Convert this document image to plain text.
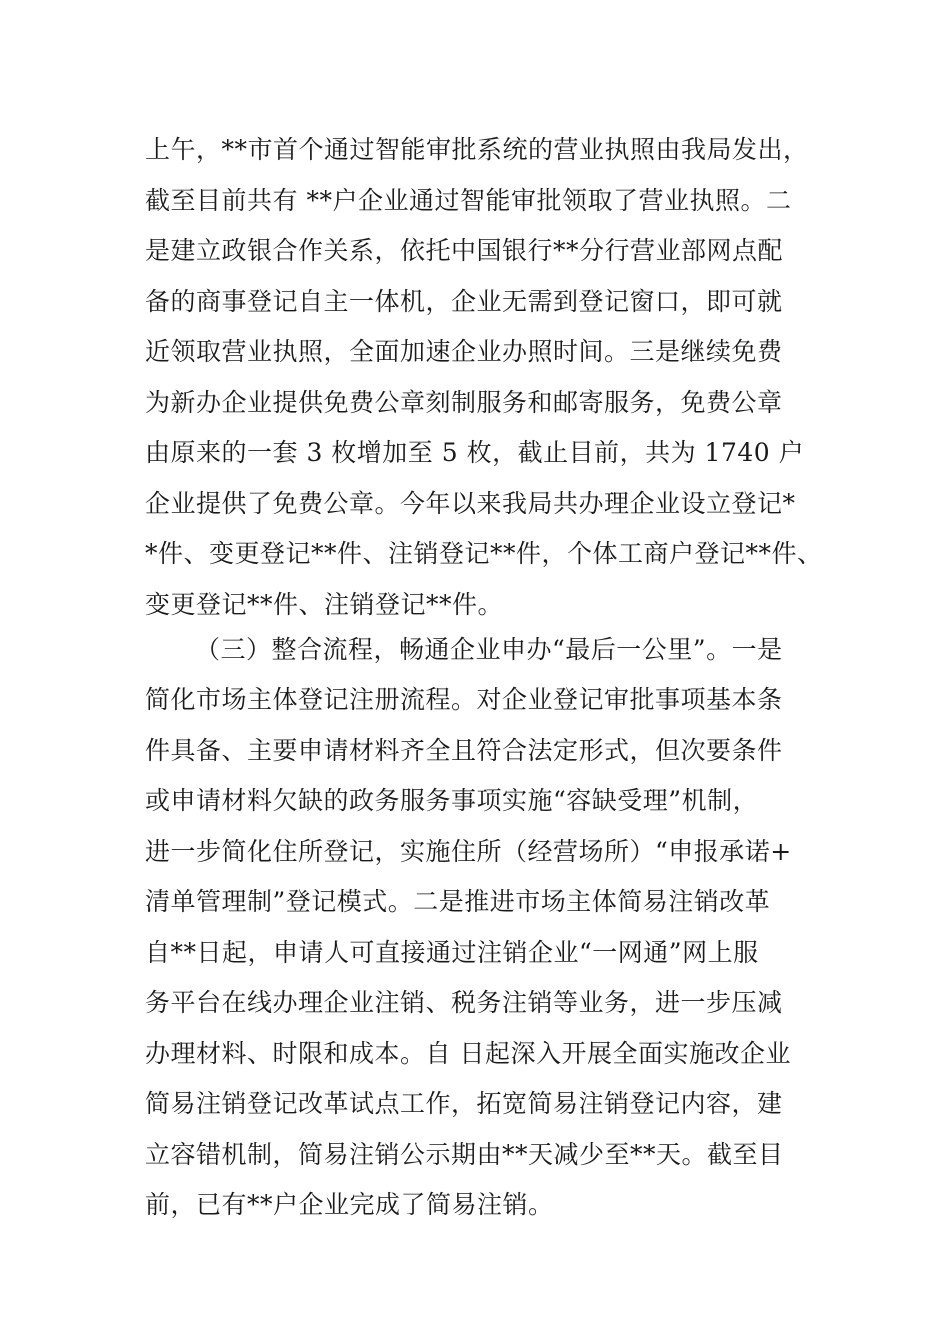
上午，**市首个通过智能审批系统的营业执照由我局发出，
截至目前共有 **户企业通过智能审批领取了营业执照。二
是建立政银合作关系，依托中国银行**分行营业部网点配
备的商事登记自主一体机，企业无需到登记窗口，即可就
近领取营业执照，全面加速企业办照时间。三是继续免费
为新办企业提供免费公章刻制服务和邮寄服务，免费公章
由原来的一套 3 枚增加至 5 枚，截止目前，共为 1740 户
企业提供了免费公章。今年以来我局共办理企业设立登记*
*件、变更登记**件、注销登记**件，个体工商户登记**件、
变更登记**件、注销登记**件。
（三）整合流程，畅通企业申办“最后一公里”。一是
简化市场主体登记注册流程。对企业登记审批事项基本条
件具备、主要申请材料齐全且符合法定形式，但次要条件
或申请材料欠缺的政务服务事项实施“容缺受理”机制，
进一步简化住所登记，实施住所（经营场所）“申报承诺+
清单管理制”登记模式。二是推进市场主体简易注销改革
自**日起，申请人可直接通过注销企业“一网通”网上服
务平台在线办理企业注销、税务注销等业务，进一步压减
办理材料、时限和成本。自 日起深入开展全面实施改企业
简易注销登记改革试点工作，拓宽简易注销登记内容，建
立容错机制，简易注销公示期由**天减少至**天。截至目
前，已有**户企业完成了简易注销。
